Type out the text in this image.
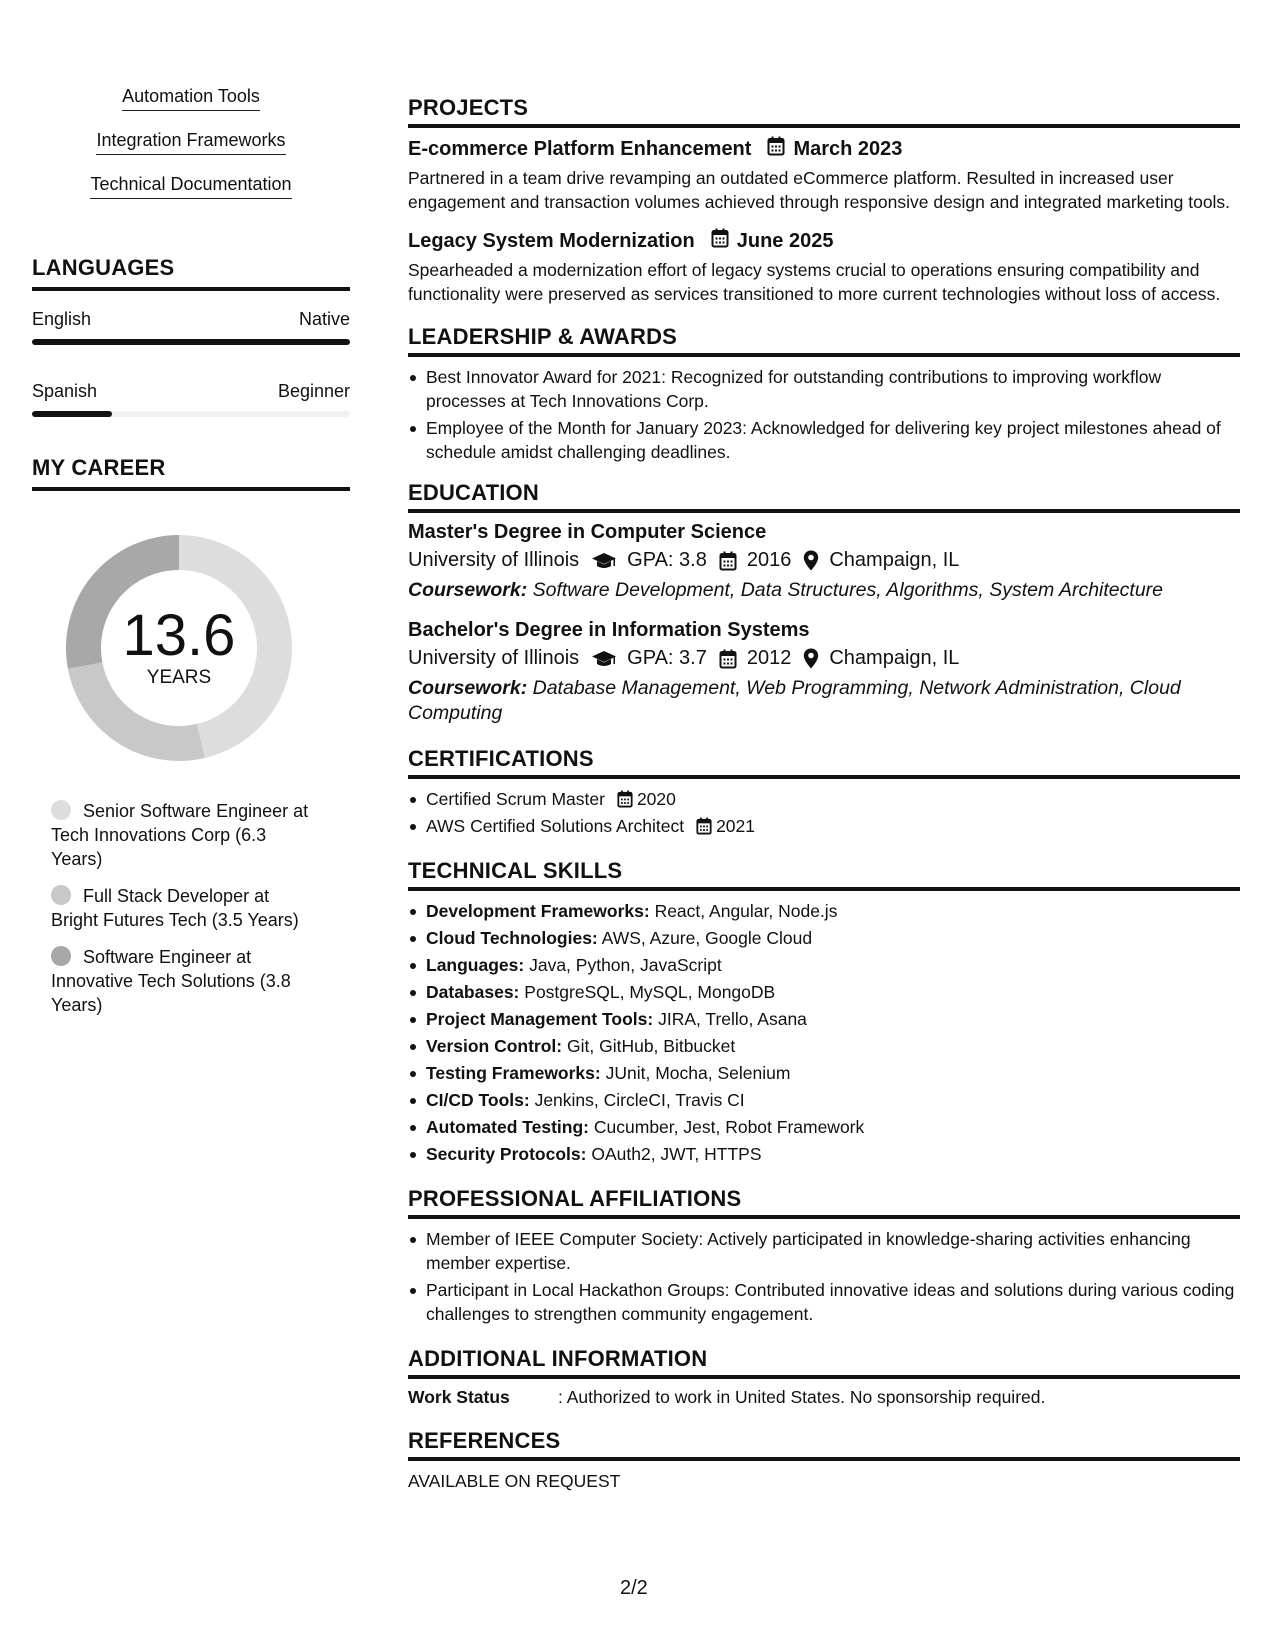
Automation Tools
Integration Frameworks
Technical Documentation
LANGUAGES
English	Native
Spanish	Beginner
MY CAREER
13.6
YEARS
Senior Software Engineer at Tech Innovations Corp (6.3 Years)
Full Stack Developer at Bright Futures Tech (3.5 Years)
Software Engineer at Innovative Tech Solutions (3.8 Years)
PROJECTS
E-commerce Platform Enhancement March 2023
Partnered in a team drive revamping an outdated eCommerce platform. Resulted in increased user engagement and transaction volumes achieved through responsive design and integrated marketing tools.
Legacy System Modernization June 2025
Spearheaded a modernization effort of legacy systems crucial to operations ensuring compatibility and functionality were preserved as services transitioned to more current technologies without loss of access.
LEADERSHIP & AWARDS
Best Innovator Award for 2021: Recognized for outstanding contributions to improving workflow processes at Tech Innovations Corp.
Employee of the Month for January 2023: Acknowledged for delivering key project milestones ahead of schedule amidst challenging deadlines.
EDUCATION
Master's Degree in Computer Science
University of Illinois GPA: 3.8 2016 Champaign, IL
Coursework: Software Development, Data Structures, Algorithms, System Architecture
Bachelor's Degree in Information Systems
University of Illinois GPA: 3.7 2012 Champaign, IL
Coursework: Database Management, Web Programming, Network Administration, Cloud Computing
CERTIFICATIONS
Certified Scrum Master 2020
AWS Certified Solutions Architect 2021
TECHNICAL SKILLS
Development Frameworks: React, Angular, Node.js
Cloud Technologies: AWS, Azure, Google Cloud
Languages: Java, Python, JavaScript
Databases: PostgreSQL, MySQL, MongoDB
Project Management Tools: JIRA, Trello, Asana
Version Control: Git, GitHub, Bitbucket
Testing Frameworks: JUnit, Mocha, Selenium
CI/CD Tools: Jenkins, CircleCI, Travis CI
Automated Testing: Cucumber, Jest, Robot Framework
Security Protocols: OAuth2, JWT, HTTPS
PROFESSIONAL AFFILIATIONS
Member of IEEE Computer Society: Actively participated in knowledge-sharing activities enhancing member expertise.
Participant in Local Hackathon Groups: Contributed innovative ideas and solutions during various coding challenges to strengthen community engagement.
ADDITIONAL INFORMATION
Work Status	: Authorized to work in United States. No sponsorship required.
REFERENCES
AVAILABLE ON REQUEST
2/2
